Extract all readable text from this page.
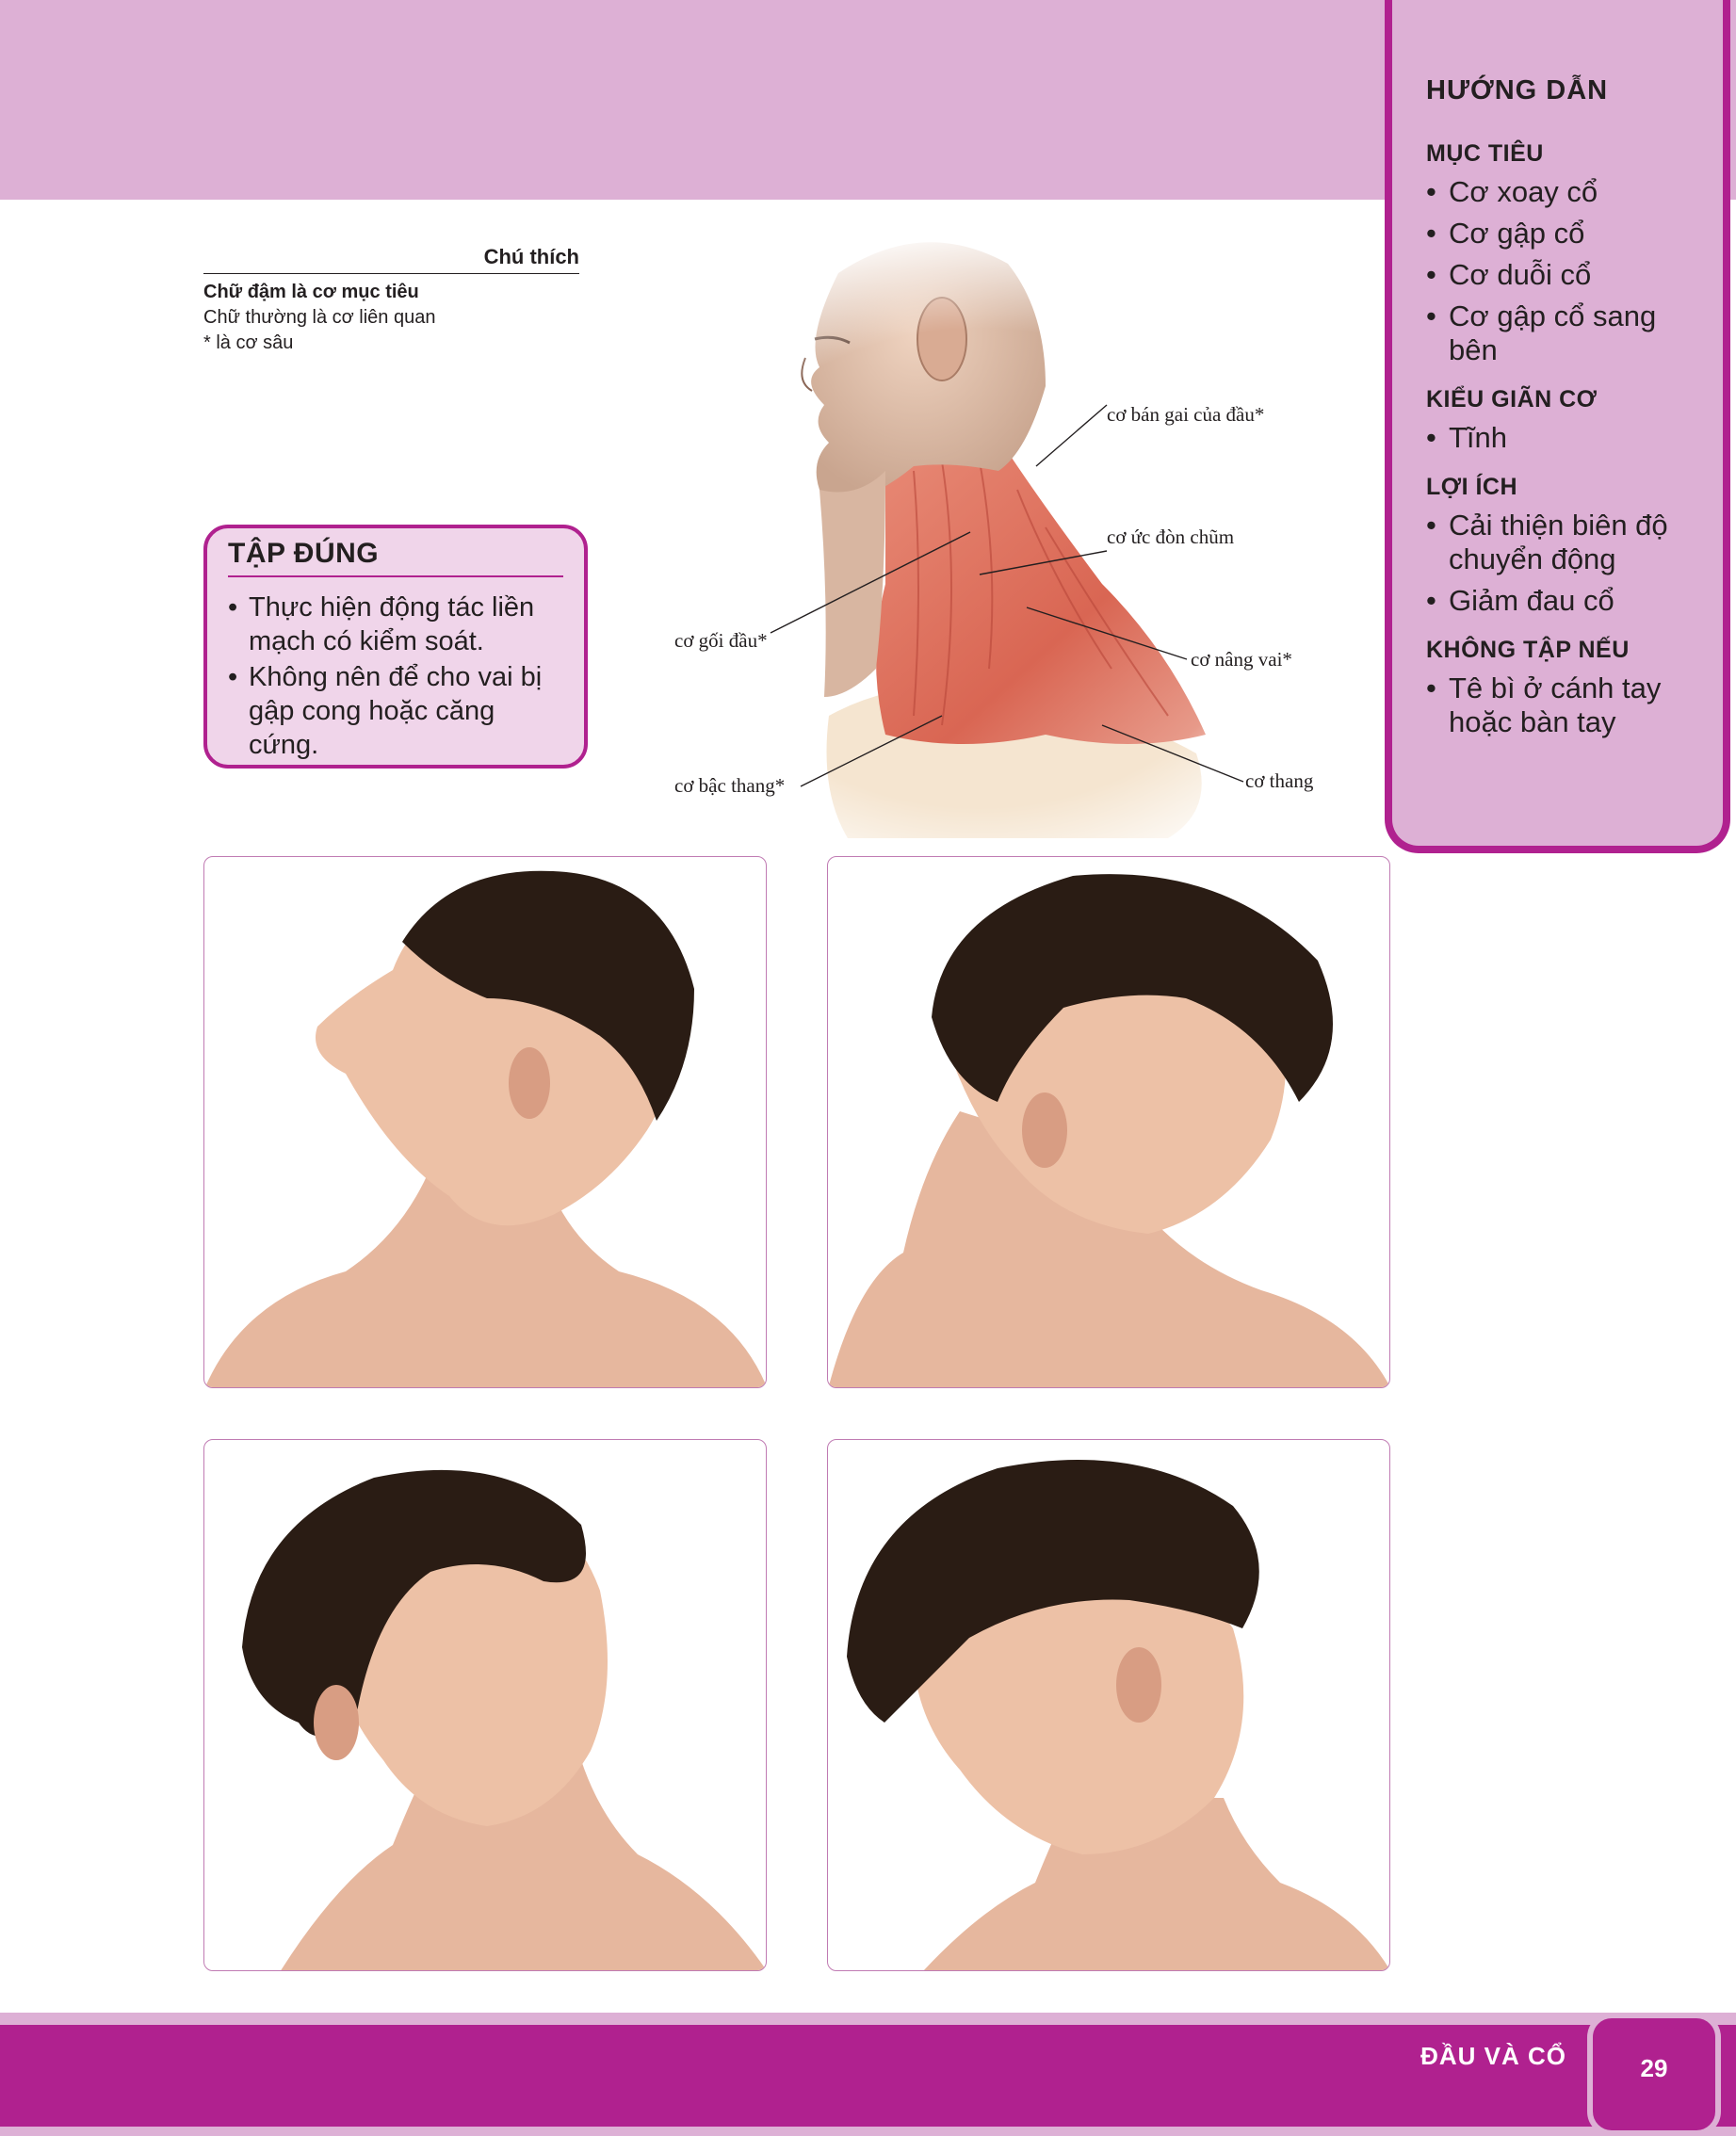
HƯỚNG DẪN
MỤC TIÊU
• Cơ xoay cổ
• Cơ gập cổ
• Cơ duỗi cổ
• Cơ gập cổ sang bên
KIỂU GIÃN CƠ
• Tĩnh
LỢI ÍCH
• Cải thiện biên độ chuyển động
• Giảm đau cổ
KHÔNG TẬP NẾU
• Tê bì ở cánh tay hoặc bàn tay
Chú thích
Chữ đậm là cơ mục tiêu
Chữ thường là cơ liên quan
* là cơ sâu
TẬP ĐÚNG
• Thực hiện động tác liền mạch có kiểm soát.
• Không nên để cho vai bị gập cong hoặc căng cứng.
cơ bán gai của đầu*
cơ ức đòn chũm
cơ gối đầu*
cơ nâng vai*
cơ bậc thang*	cơ thang
ĐẦU VÀ CỔ	29
